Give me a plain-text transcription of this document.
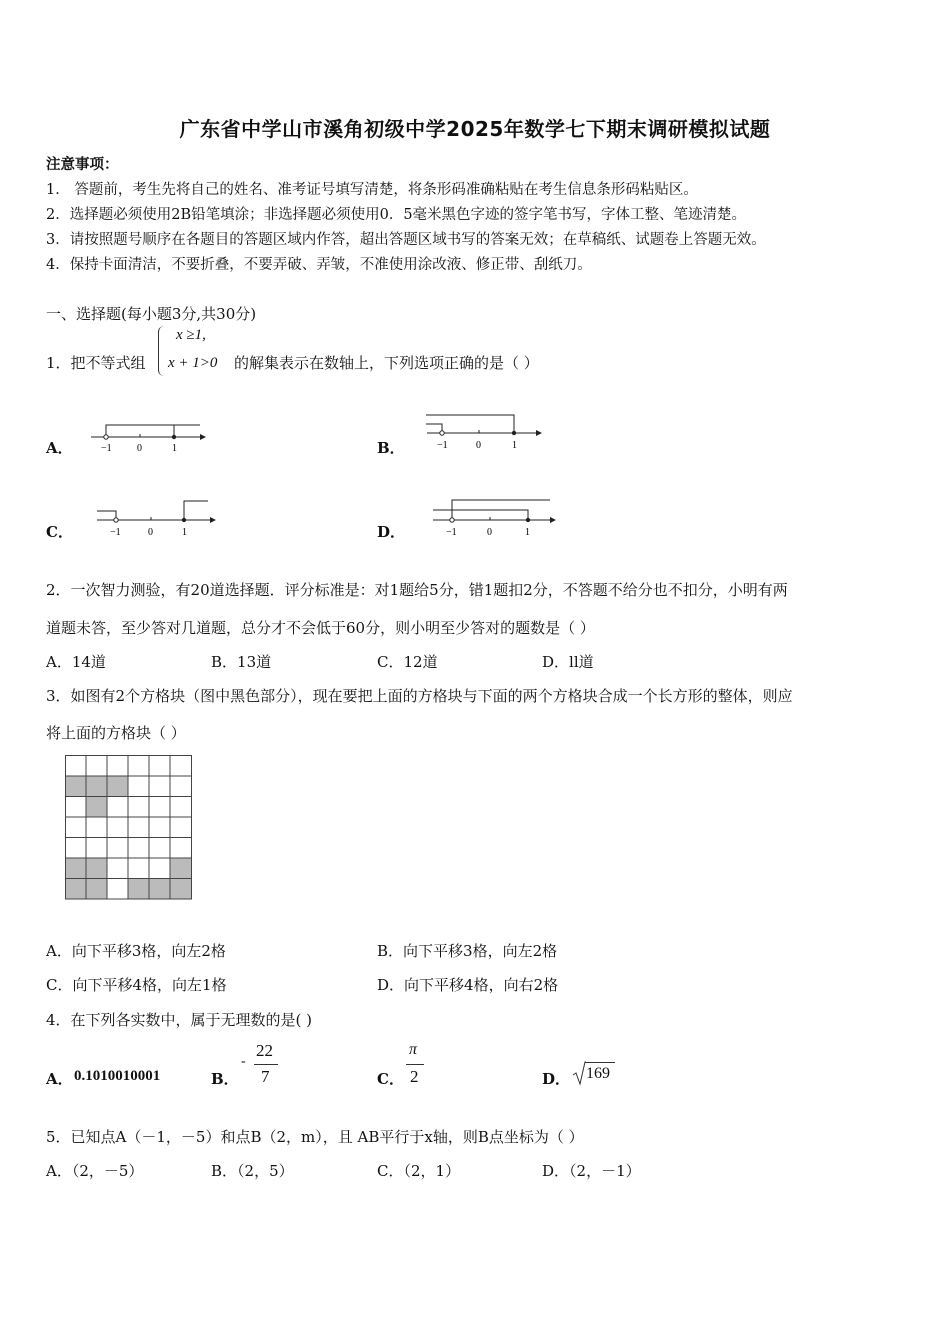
广东省中学山市溪角初级中学2025年数学七下期末调研模拟试题
注意事项：
1． 答题前，考生先将自己的姓名、准考证号填写清楚，将条形码准确粘贴在考生信息条形码粘贴区。
2．选择题必须使用2B铅笔填涂；非选择题必须使用0．5毫米黑色字迹的签字笔书写，字体工整、笔迹清楚。
3．请按照题号顺序在各题目的答题区域内作答，超出答题区域书写的答案无效；在草稿纸、试题卷上答题无效。
4．保持卡面清洁，不要折叠，不要弄破、弄皱，不准使用涂改液、修正带、刮纸刀。
一、选择题(每小题3分,共30分)
1．把不等式组
x ≥1,
x + 1>0 的解集表示在数轴上，下列选项正确的是（ ）
A．	−1	0	1	B．	−1	0	1
C．	−1	0	1	D．	−1	0	1
2．一次智力测验，有20道选择题．评分标准是：对1题给5分，错1题扣2分，不答题不给分也不扣分，小明有两
道题未答，至少答对几道题，总分才不会低于60分，则小明至少答对的题数是（ ）
A．14道	B．13道	C．12道	D．ll道
3．如图有2个方格块（图中黑色部分），现在要把上面的方格块与下面的两个方格块合成一个长方形的整体，则应
将上面的方格块（ ）
A．向下平移3格，向左2格	B．向下平移3格，向左2格
C．向下平移4格，向左1格	D．向下平移4格，向右2格
4．在下列各实数中，属于无理数的是( )
A． 0.1010010001	B．
-
22
7	C．
π
2	D． 169
5．已知点A（－1，－5）和点B（2，m），且 AB平行于x轴，则B点坐标为（ ）
A．（2，－5）	B．（2，5）	C．（2，1）	D．（2，－1）
